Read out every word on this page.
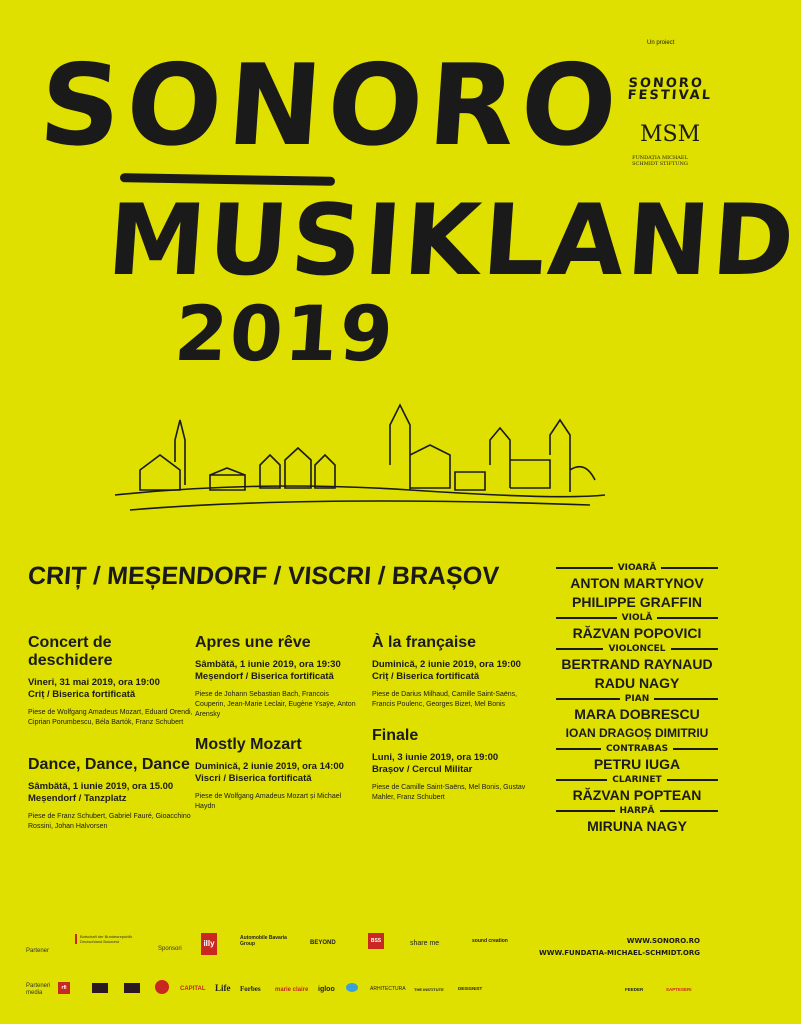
SONORO
MUSIKLAND
2019
Un proiect
SONORO FESTIVAL
MSM
FUNDAȚIA MICHAEL SCHMIDT STIFTUNG
CRIȚ / MEȘENDORF / VISCRI / BRAȘOV
Concert de deschidere
Vineri, 31 mai 2019, ora 19:00
Criț / Biserica fortificată
Piese de Wolfgang Amadeus Mozart, Eduard Orendi, Ciprian Porumbescu, Béla Bartók, Franz Schubert
Dance, Dance, Dance
Sâmbătă, 1 iunie 2019, ora 15.00
Meșendorf / Tanzplatz
Piese de Franz Schubert, Gabriel Fauré, Gioacchino Rossini, Johan Halvorsen
Apres une rêve
Sâmbătă, 1 iunie 2019, ora 19:30
Meșendorf / Biserica fortificată
Piese de Johann Sebastian Bach, Francois Couperin, Jean-Marie Leclair, Eugène Ysaÿe, Anton Arensky
Mostly Mozart
Duminică, 2 iunie 2019, ora 14:00
Viscri / Biserica fortificată
Piese de Wolfgang Amadeus Mozart și Michael Haydn
À la française
Duminică, 2 iunie 2019, ora 19:00
Criț / Biserica fortificată
Piese de Darius Milhaud, Camille Saint-Saëns, Francis Poulenc, Georges Bizet, Mel Bonis
Finale
Luni, 3 iunie 2019, ora 19:00
Brașov / Cercul Militar
Piese de Camille Saint-Saëns, Mel Bonis, Gustav Mahler, Franz Schubert
VIOARĂ
ANTON MARTYNOV
PHILIPPE GRAFFIN
VIOLĂ
RĂZVAN POPOVICI
VIOLONCEL
BERTRAND RAYNAUD
RADU NAGY
PIAN
MARA DOBRESCU
IOAN DRAGOȘ DIMITRIU
CONTRABAS
PETRU IUGA
CLARINET
RĂZVAN POPTEAN
HARPĂ
MIRUNA NAGY
Partener
Botschaft der Bundesrepublik Deutschland Bukarest
Sponsori
illy
Automobile Bavaria Group	BEYOND	BSS	share me	sound creation	WWW.SONORO.RO
WWW.FUNDATIA-MICHAEL-SCHMIDT.ORG
Parteneri media
rfi	CAPITAL Life Forbes marie claire igloo	ARHITECTURA THE INSTITUTE	DESIGNIST	FEEDER	SAPTESERI
